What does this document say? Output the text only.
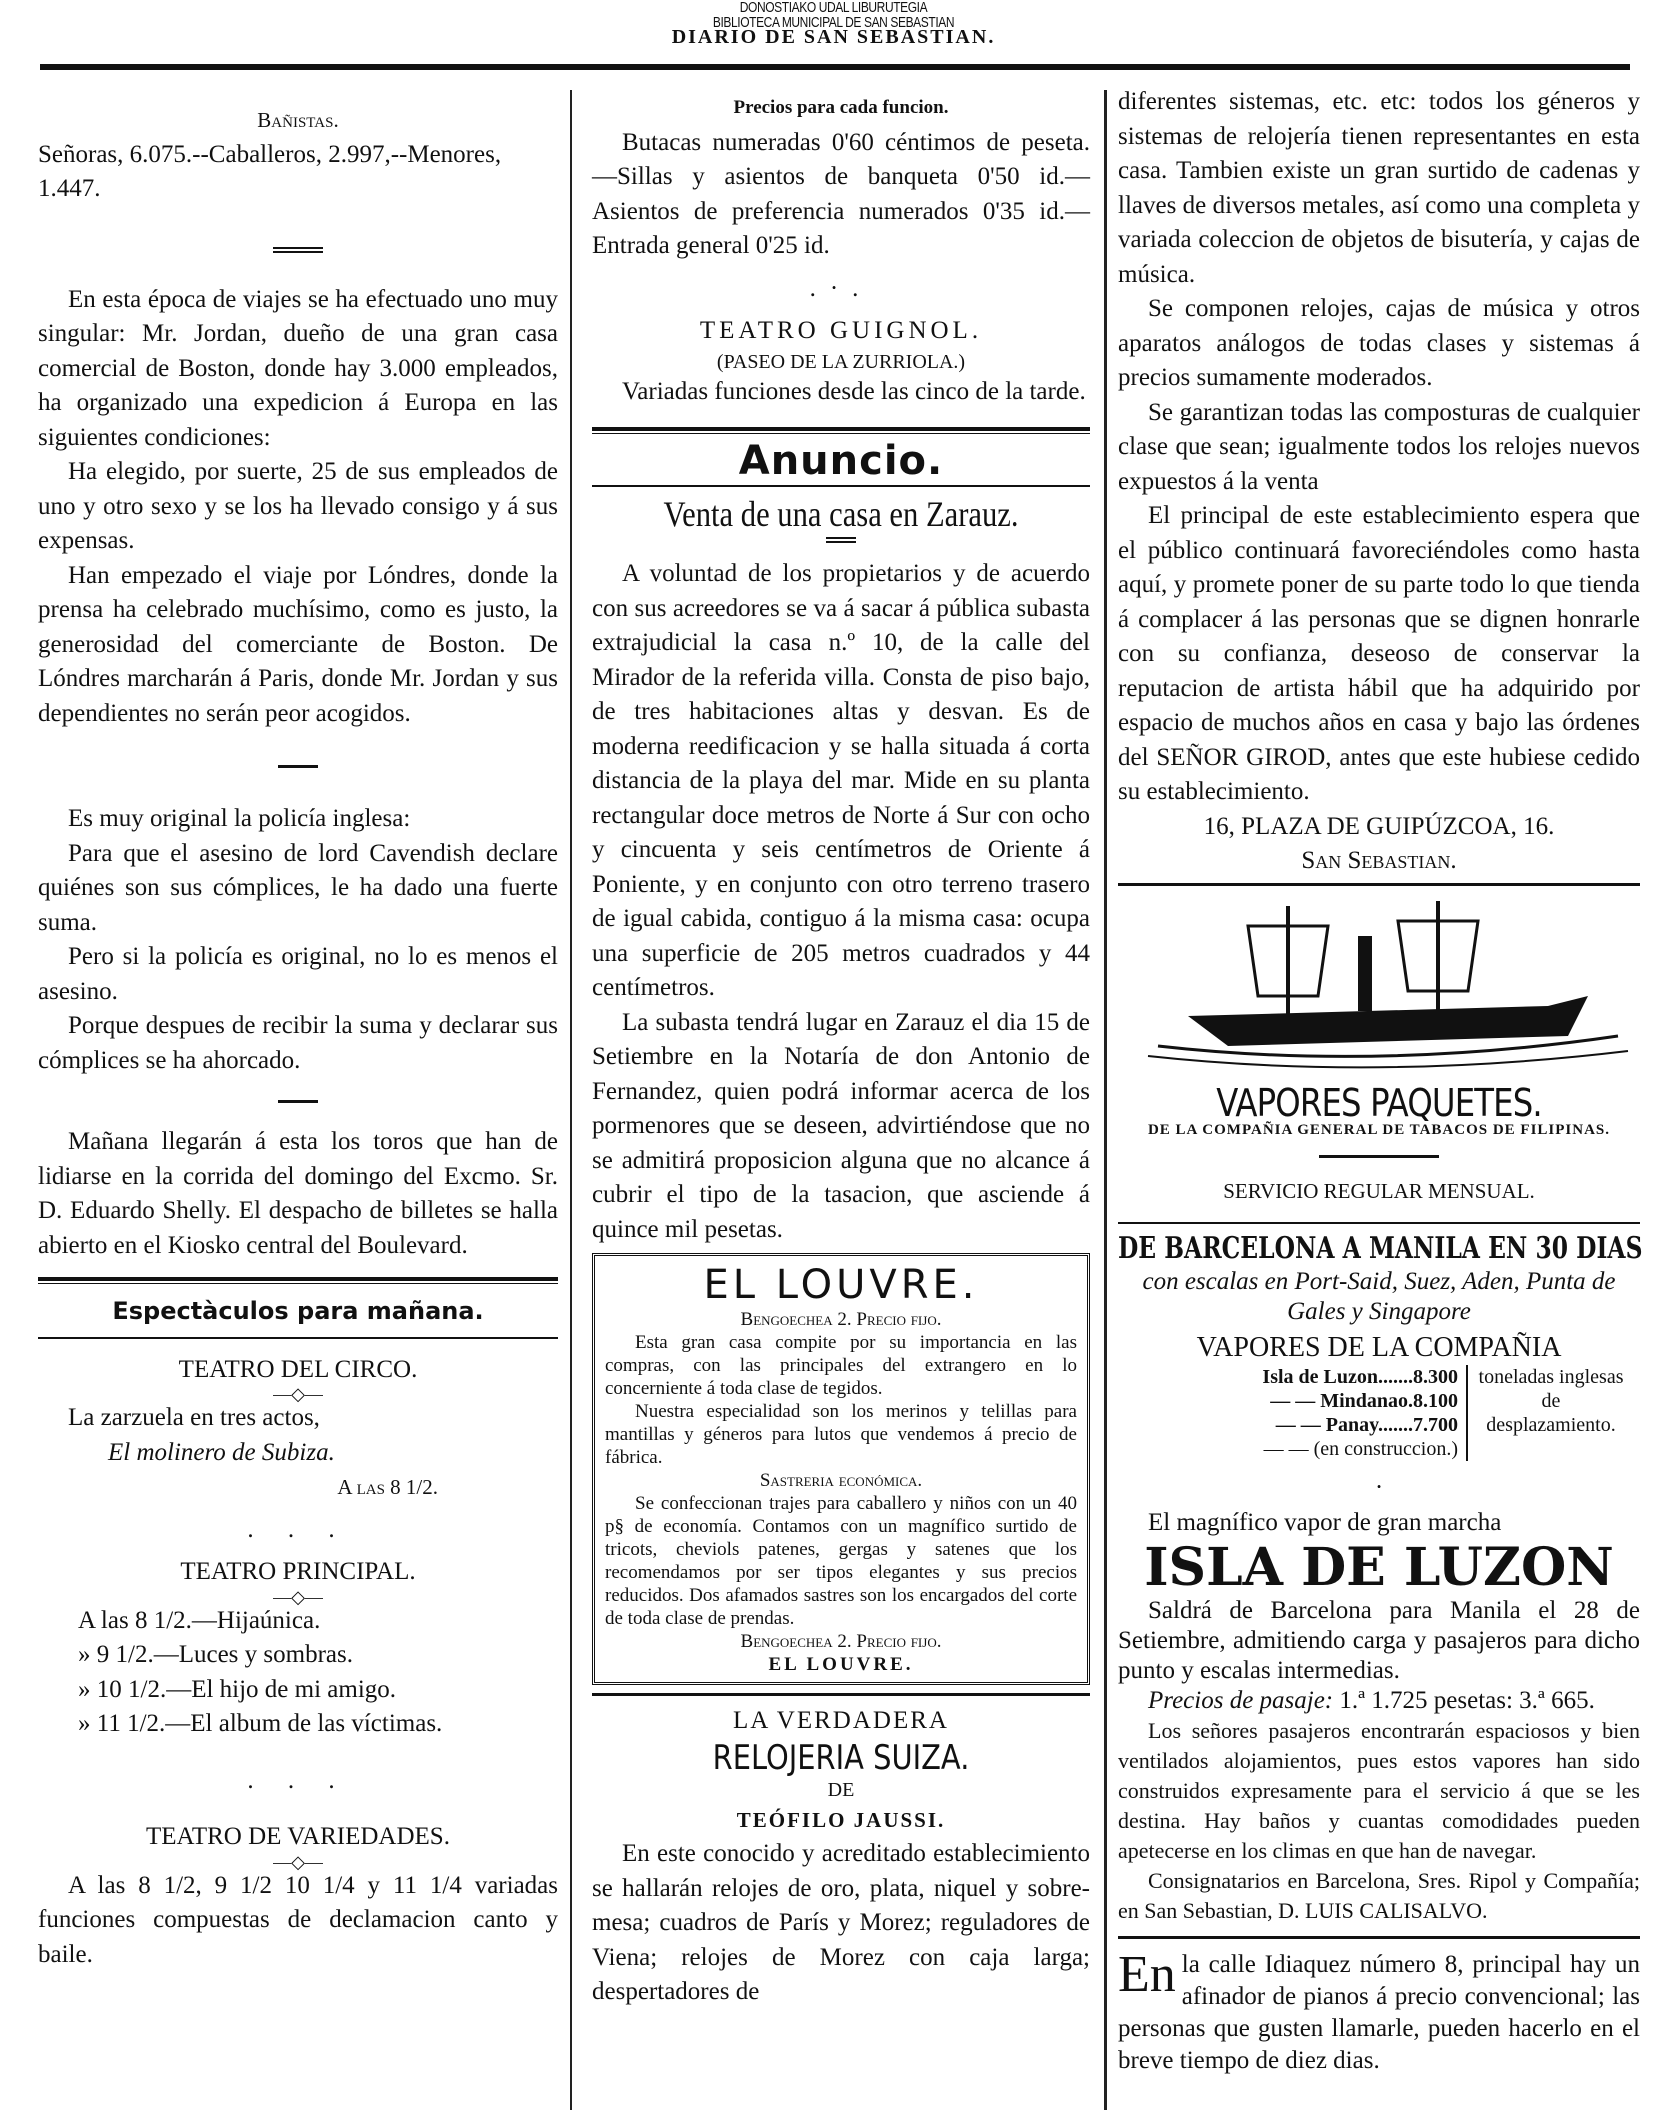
DONOSTIAKO UDAL LIBURUTEGIA
BIBLIOTECA MUNICIPAL DE SAN SEBASTIAN
DIARIO DE SAN SEBASTIAN.
Bañistas.
Señoras, 6.075.--Caballeros, 2.997,--Menores, 1.447.

En esta época de viajes se ha efectuado uno muy singular: Mr. Jordan, dueño de una gran casa comercial de Boston, donde hay 3.000 empleados, ha organizado una expedicion á Europa en las siguientes condiciones:

Ha elegido, por suerte, 25 de sus empleados de uno y otro sexo y se los ha llevado consigo y á sus expensas.

Han empezado el viaje por Lóndres, donde la prensa ha celebrado muchísimo, como es justo, la generosidad del comerciante de Boston. De Lóndres marcharán á Paris, donde Mr. Jordan y sus dependientes no serán peor acogidos.

Es muy original la policía inglesa:

Para que el asesino de lord Cavendish declare quiénes son sus cómplices, le ha dado una fuerte suma.

Pero si la policía es original, no lo es menos el asesino.

Porque despues de recibir la suma y declarar sus cómplices se ha ahorcado.

Mañana llegarán á esta los toros que han de lidiarse en la corrida del domingo del Excmo. Sr. D. Eduardo Shelly. El despacho de billetes se halla abierto en el Kiosko central del Boulevard.

Espectàculos para mañana.
TEATRO DEL CIRCO.
—◇—

La zarzuela en tres actos,

El molinero de Subiza.

A las 8 1/2.
. . .
TEATRO PRINCIPAL.
—◇—
A las 8 1/2.—Hijaúnica.
» 9 1/2.—Luces y sombras.
» 10 1/2.—El hijo de mi amigo.
» 11 1/2.—El album de las víctimas.
. . .
TEATRO DE VARIEDADES.
—◇—

A las 8 1/2, 9 1/2 10 1/4 y 11 1/4 variadas funciones compuestas de declamacion canto y baile.

Precios para cada funcion.

Butacas numeradas 0'60 céntimos de peseta.—Sillas y asientos de banqueta 0'50 id.—Asientos de preferencia numerados 0'35 id.—Entrada general 0'25 id.

.·.
TEATRO GUIGNOL.
(PASEO DE LA ZURRIOLA.)

Variadas funciones desde las cinco de la tarde.

Anuncio.
Venta de una casa en Zarauz.

A voluntad de los propietarios y de acuerdo con sus acreedores se va á sacar á pública subasta extrajudicial la casa n.º 10, de la calle del Mirador de la referida villa. Consta de piso bajo, de tres habitaciones altas y desvan. Es de moderna reedificacion y se halla situada á corta distancia de la playa del mar. Mide en su planta rectangular doce metros de Norte á Sur con ocho y cincuenta y seis centímetros de Oriente á Poniente, y en conjunto con otro terreno trasero de igual cabida, contiguo á la misma casa: ocupa una superficie de 205 metros cuadrados y 44 centímetros.

La subasta tendrá lugar en Zarauz el dia 15 de Setiembre en la Notaría de don Antonio de Fernandez, quien podrá informar acerca de los pormenores que se deseen, advirtiéndose que no se admitirá proposicion alguna que no alcance á cubrir el tipo de la tasacion, que asciende á quince mil pesetas.

EL LOUVRE.
Bengoechea 2. Precio fijo.

Esta gran casa compite por su importancia en las compras, con las principales del extrangero en lo concerniente á toda clase de tegidos.

Nuestra especialidad son los merinos y telillas para mantillas y géneros para lutos que vendemos á precio de fábrica.

Sastreria económica.

Se confeccionan trajes para caballero y niños con un 40 p§ de economía. Contamos con un magnífico surtido de tricots, cheviols patenes, gergas y satenes que los recomendamos por ser tipos elegantes y sus precios reducidos. Dos afamados sastres son los encargados del corte de toda clase de prendas.

Bengoechea 2. Precio fijo.
EL LOUVRE.
LA VERDADERA
RELOJERIA SUIZA.
DE
TEÓFILO JAUSSI.

En este conocido y acreditado establecimiento se hallarán relojes de oro, plata, niquel y sobre-mesa; cuadros de París y Morez; reguladores de Viena; relojes de Morez con caja larga; despertadores de

diferentes sistemas, etc. etc: todos los géneros y sistemas de relojería tienen representantes en esta casa. Tambien existe un gran surtido de cadenas y llaves de diversos metales, así como una completa y variada coleccion de objetos de bisutería, y cajas de música.

Se componen relojes, cajas de música y otros aparatos análogos de todas clases y sistemas á precios sumamente moderados.

Se garantizan todas las composturas de cualquier clase que sean; igualmente todos los relojes nuevos expuestos á la venta

El principal de este establecimiento espera que el público continuará favoreciéndoles como hasta aquí, y promete poner de su parte todo lo que tienda á complacer á las personas que se dignen honrarle con su confianza, deseoso de conservar la reputacion de artista hábil que ha adquirido por espacio de muchos años en casa y bajo las órdenes del SEÑOR GIROD, antes que este hubiese cedido su establecimiento.

16, PLAZA DE GUIPÚZCOA, 16.
San Sebastian.
VAPORES PAQUETES.
DE LA COMPAÑIA GENERAL DE TABACOS DE FILIPINAS.
SERVICIO REGULAR MENSUAL.
DE BARCELONA A MANILA EN 30 DIAS
con escalas en Port-Said, Suez, Aden, Punta de Gales y Singapore
VAPORES DE LA COMPAÑIA
Isla de Luzon.......8.300
— — Mindanao.8.100
— — Panay.......7.700
— — (en construccion.)
toneladas inglesas de desplazamiento.
·

El magnífico vapor de gran marcha

ISLA DE LUZON

Saldrá de Barcelona para Manila el 28 de Setiembre, admitiendo carga y pasajeros para dicho punto y escalas intermedias.

Precios de pasaje: 1.ª 1.725 pesetas: 3.ª 665.

Los señores pasajeros encontrarán espaciosos y bien ventilados alojamientos, pues estos vapores han sido construidos expresamente para el servicio á que se les destina. Hay baños y cuantas comodidades pueden apetecerse en los climas en que han de navegar.

Consignatarios en Barcelona, Sres. Ripol y Compañía; en San Sebastian, D. LUIS CALISALVO.

En la calle Idiaquez número 8, principal hay un afinador de pianos á precio convencional; las personas que gusten llamarle, pueden hacerlo en el breve tiempo de diez dias.
